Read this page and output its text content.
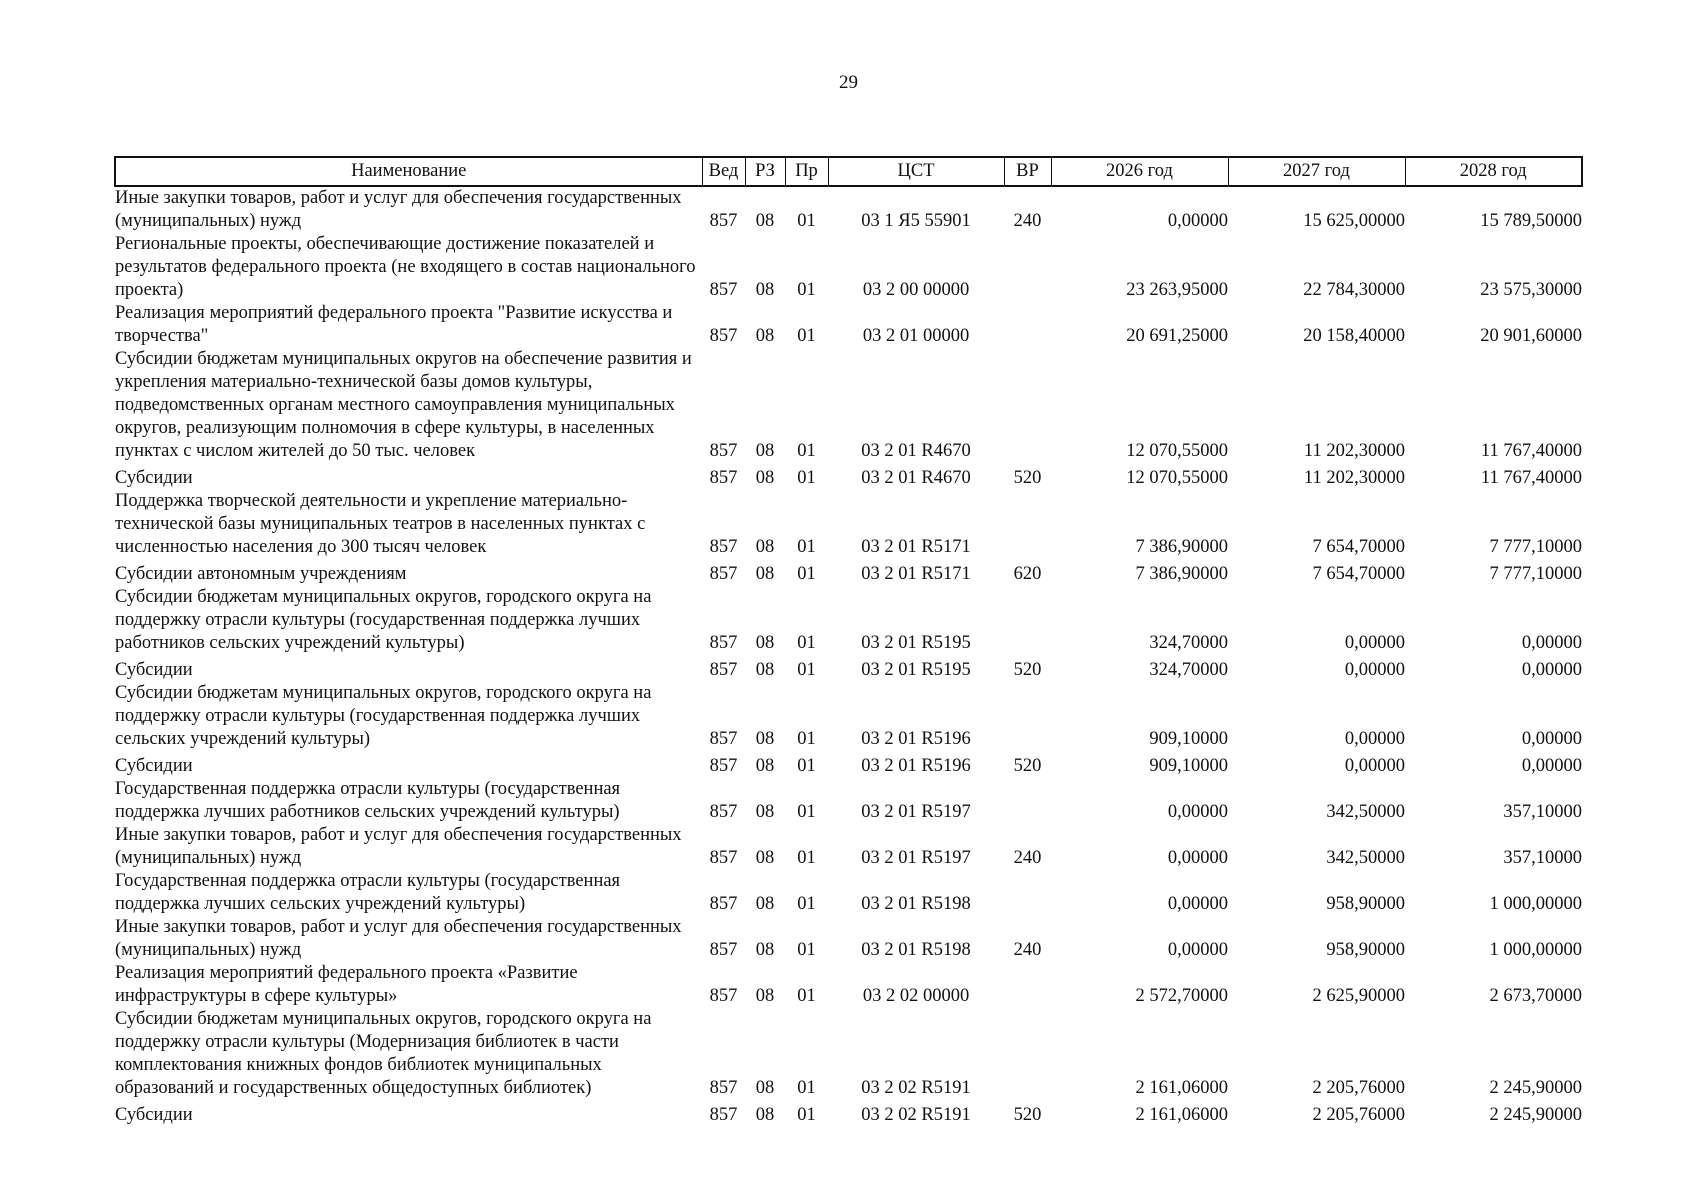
29
Наименование	Вед	РЗ	Пр	ЦСТ	ВР	2026 год	2027 год	2028 год
Иные закупки товаров, работ и услуг для обеспечения государственных (муниципальных) нужд	857	08	01	03 1 Я5 55901	240	0,00000	15 625,00000	15 789,50000
Региональные проекты, обеспечивающие достижение показателей и результатов федерального проекта (не входящего в состав национального проекта)	857	08	01	03 2 00 00000		23 263,95000	22 784,30000	23 575,30000
Реализация мероприятий федерального проекта "Развитие искусства и творчества"	857	08	01	03 2 01 00000		20 691,25000	20 158,40000	20 901,60000
Субсидии бюджетам муниципальных округов на обеспечение развития и укрепления материально-технической базы домов культуры, подведомственных органам местного самоуправления муниципальных округов, реализующим полномочия в сфере культуры, в населенных пунктах с числом жителей до 50 тыс. человек	857	08	01	03 2 01 R4670		12 070,55000	11 202,30000	11 767,40000
Субсидии	857	08	01	03 2 01 R4670	520	12 070,55000	11 202,30000	11 767,40000
Поддержка творческой деятельности и укрепление материально-технической базы муниципальных театров в населенных пунктах с численностью населения до 300 тысяч человек	857	08	01	03 2 01 R5171		7 386,90000	7 654,70000	7 777,10000
Субсидии автономным учреждениям	857	08	01	03 2 01 R5171	620	7 386,90000	7 654,70000	7 777,10000
Субсидии бюджетам муниципальных округов, городского округа на поддержку отрасли культуры (государственная поддержка лучших работников сельских учреждений культуры)	857	08	01	03 2 01 R5195		324,70000	0,00000	0,00000
Субсидии	857	08	01	03 2 01 R5195	520	324,70000	0,00000	0,00000
Субсидии бюджетам муниципальных округов, городского округа на поддержку отрасли культуры (государственная поддержка лучших сельских учреждений культуры)	857	08	01	03 2 01 R5196		909,10000	0,00000	0,00000
Субсидии	857	08	01	03 2 01 R5196	520	909,10000	0,00000	0,00000
Государственная поддержка отрасли культуры (государственная поддержка лучших работников сельских учреждений культуры)	857	08	01	03 2 01 R5197		0,00000	342,50000	357,10000
Иные закупки товаров, работ и услуг для обеспечения государственных (муниципальных) нужд	857	08	01	03 2 01 R5197	240	0,00000	342,50000	357,10000
Государственная поддержка отрасли культуры (государственная поддержка лучших сельских учреждений культуры)	857	08	01	03 2 01 R5198		0,00000	958,90000	1 000,00000
Иные закупки товаров, работ и услуг для обеспечения государственных (муниципальных) нужд	857	08	01	03 2 01 R5198	240	0,00000	958,90000	1 000,00000
Реализация мероприятий федерального проекта «Развитие инфраструктуры в сфере культуры»	857	08	01	03 2 02 00000		2 572,70000	2 625,90000	2 673,70000
Субсидии бюджетам муниципальных округов, городского округа на поддержку отрасли культуры (Модернизация библиотек в части комплектования книжных фондов библиотек муниципальных образований и государственных общедоступных библиотек)	857	08	01	03 2 02 R5191		2 161,06000	2 205,76000	2 245,90000
Субсидии	857	08	01	03 2 02 R5191	520	2 161,06000	2 205,76000	2 245,90000
